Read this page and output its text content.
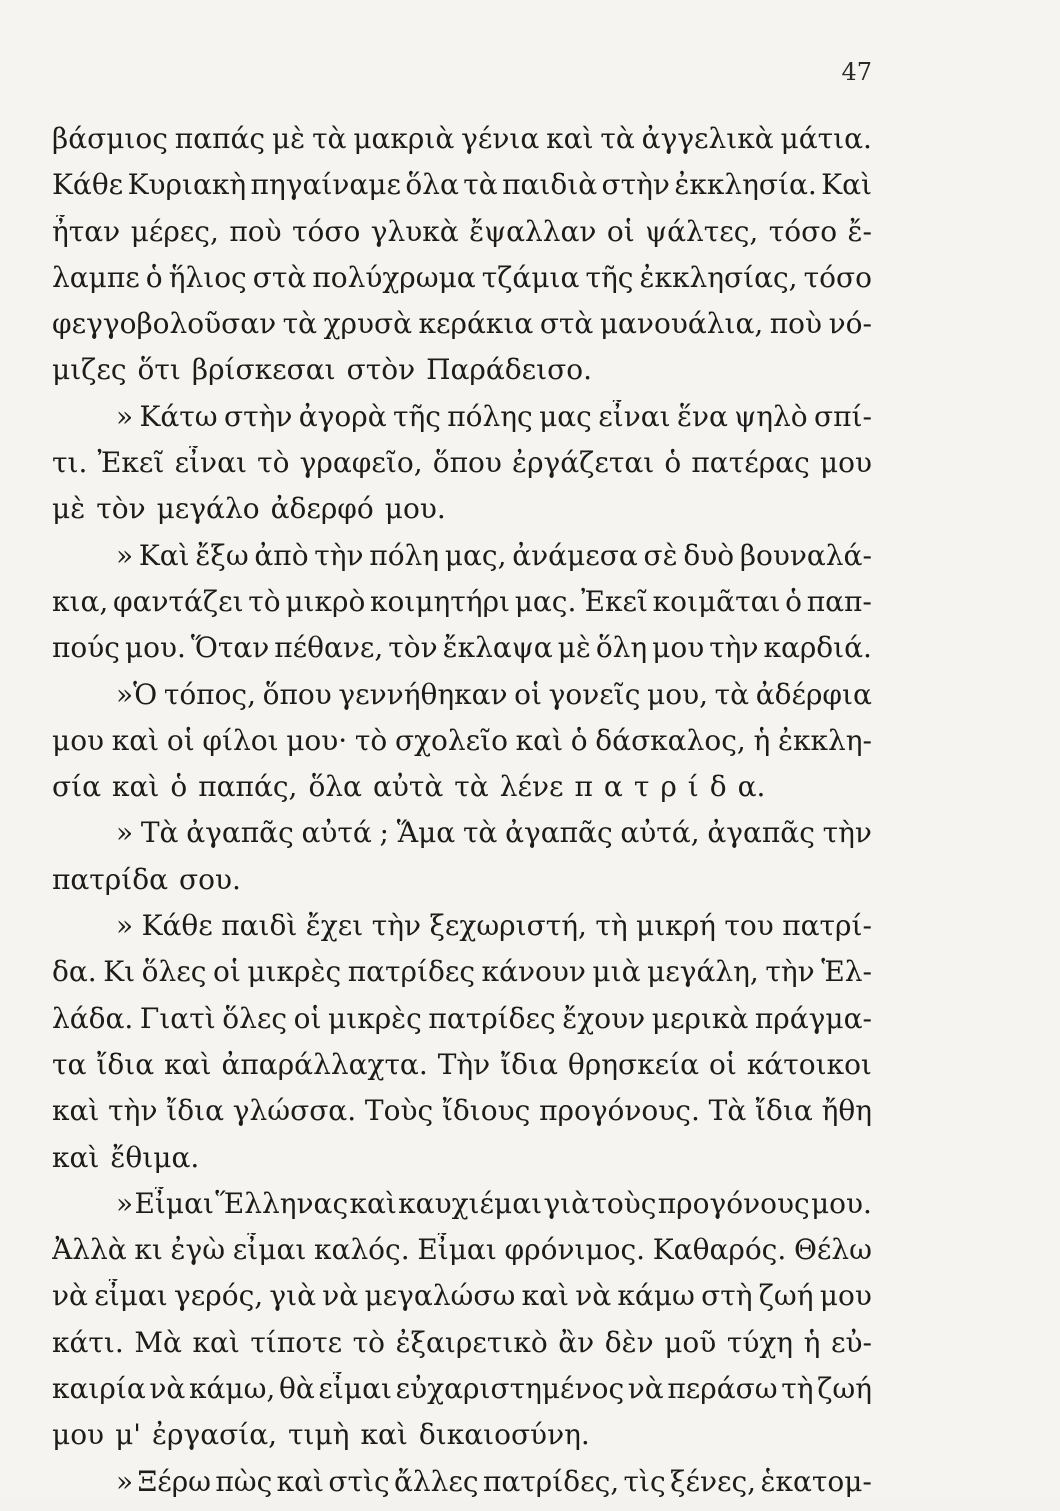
47
βάσμιος παπάς μὲ τὰ μακριὰ γένια καὶ τὰ ἀγγελικὰ μάτια.
Κάθε Κυριακὴ πηγαίναμε ὅλα τὰ παιδιὰ στὴν ἐκκλησία. Καὶ
ἦταν μέρες, ποὺ τόσο γλυκὰ ἔψαλλαν οἱ ψάλτες, τόσο ἔ-
λαμπε ὁ ἥλιος στὰ πολύχρωμα τζάμια τῆς ἐκκλησίας, τόσο
φεγγοβολοῦσαν τὰ χρυσὰ κεράκια στὰ μανουάλια, ποὺ νό-
μιζες ὅτι βρίσκεσαι στὸν Παράδεισο.
» Κάτω στὴν ἀγορὰ τῆς πόλης μας εἶναι ἕνα ψηλὸ σπί-
τι. Ἐκεῖ εἶναι τὸ γραφεῖο, ὅπου ἐργάζεται ὁ πατέρας μου
μὲ τὸν μεγάλο ἀδερφό μου.
» Καὶ ἔξω ἀπὸ τὴν πόλη μας, ἀνάμεσα σὲ δυὸ βουναλά-
κια, φαντάζει τὸ μικρὸ κοιμητήρι μας. Ἐκεῖ κοιμᾶται ὁ παπ-
πούς μου. Ὅταν πέθανε, τὸν ἔκλαψα μὲ ὅλη μου τὴν καρδιά.
»Ὁ τόπος, ὅπου γεννήθηκαν οἱ γονεῖς μου, τὰ ἀδέρφια
μου καὶ οἱ φίλοι μου· τὸ σχολεῖο καὶ ὁ δάσκαλος, ἡ ἐκκλη-
σία καὶ ὁ παπάς, ὅλα αὐτὰ τὰ λένε π α τ ρ ί δ α.
» Τὰ ἀγαπᾶς αὐτά ; Ἅμα τὰ ἀγαπᾶς αὐτά, ἀγαπᾶς τὴν
πατρίδα σου.
» Κάθε παιδὶ ἔχει τὴν ξεχωριστή, τὴ μικρή του πατρί-
δα. Κι ὅλες οἱ μικρὲς πατρίδες κάνουν μιὰ μεγάλη, τὴν Ἑλ-
λάδα. Γιατὶ ὅλες οἱ μικρὲς πατρίδες ἔχουν μερικὰ πράγμα-
τα ἴδια καὶ ἀπαράλλαχτα. Τὴν ἴδια θρησκεία οἱ κάτοικοι
καὶ τὴν ἴδια γλώσσα. Τοὺς ἴδιους προγόνους. Τὰ ἴδια ἤθη
καὶ ἔθιμα.
» Εἶμαι Ἕλληνας καὶ καυχιέμαι γιὰ τοὺς προγόνους μου.
Ἀλλὰ κι ἐγὼ εἶμαι καλός. Εἶμαι φρόνιμος. Καθαρός. Θέλω
νὰ εἶμαι γερός, γιὰ νὰ μεγαλώσω καὶ νὰ κάμω στὴ ζωή μου
κάτι. Μὰ καὶ τίποτε τὸ ἐξαιρετικὸ ἂν δὲν μοῦ τύχη ἡ εὐ-
καιρία νὰ κάμω, θὰ εἶμαι εὐχαριστημένος νὰ περάσω τὴ ζωή
μου μ' ἐργασία, τιμὴ καὶ δικαιοσύνη.
» Ξέρω πὼς καὶ στὶς ἄλλες πατρίδες, τὶς ξένες, ἑκατομ-
